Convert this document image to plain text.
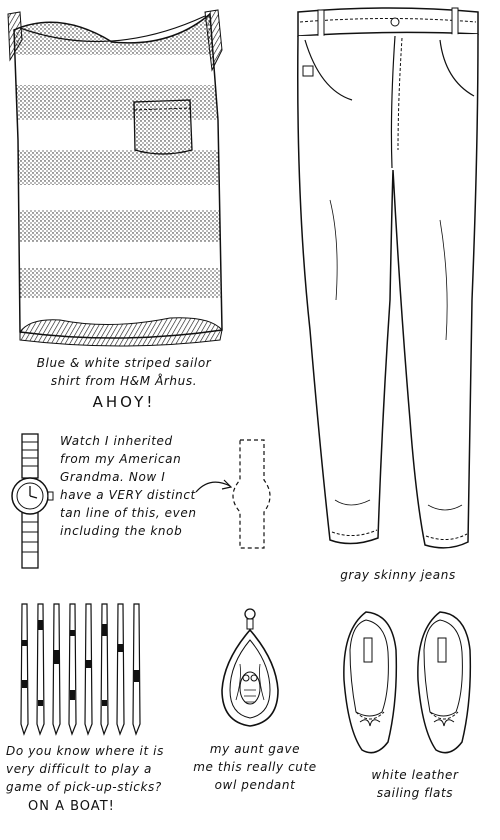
Blue & white striped sailor
shirt from H&M Århus.
AHOY!
gray skinny jeans
Watch I inherited
from my American
Grandma. Now I
have a VERY distinct
tan line of this, even
including the knob
Do you know where it is
very difficult to play a
game of pick-up-sticks?
ON A BOAT!
my aunt gave
me this really cute
owl pendant
white leather
sailing flats
